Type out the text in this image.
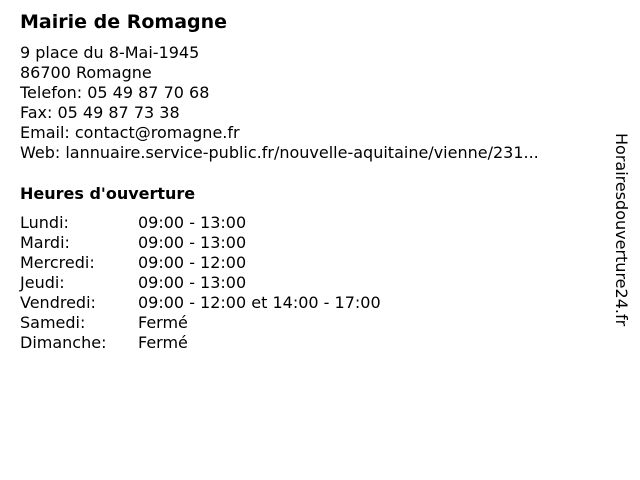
Mairie de Romagne
9 place du 8-Mai-1945
86700 Romagne
Telefon: 05 49 87 70 68
Fax: 05 49 87 73 38
Email: contact@romagne.fr
Web: lannuaire.service-public.fr/nouvelle-aquitaine/vienne/231...
Heures d'ouverture
Lundi:	09:00 - 13:00
Mardi:	09:00 - 13:00
Mercredi:	09:00 - 12:00
Jeudi:	09:00 - 13:00
Vendredi:	09:00 - 12:00 et 14:00 - 17:00
Samedi:	Fermé
Dimanche:	Fermé
Horairesdouverture24.fr
